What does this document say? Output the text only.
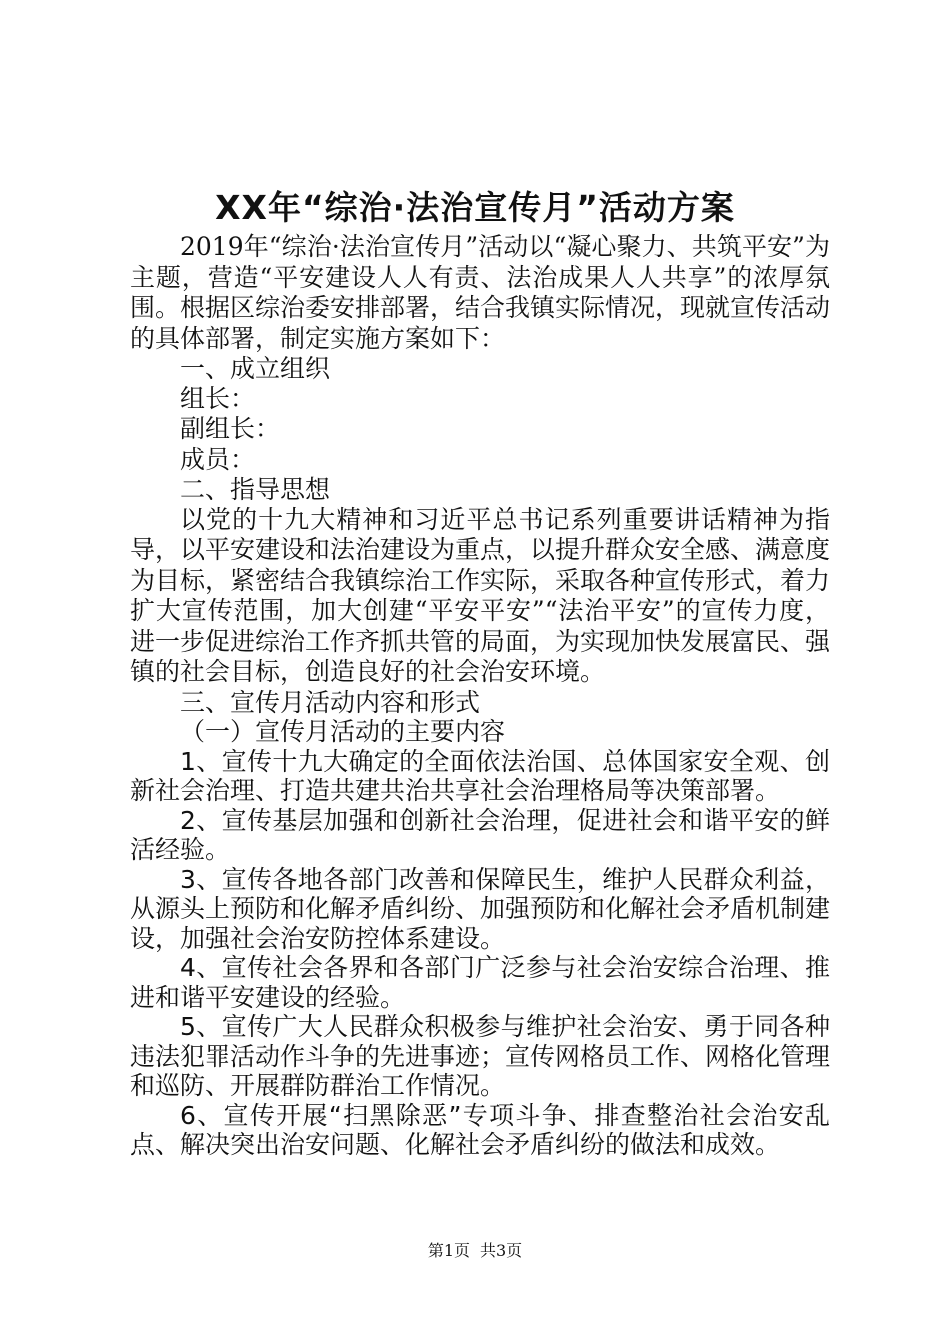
XX年“综治·法治宣传月”活动方案

2019年“综治·法治宣传月”活动以“凝心聚力、共筑平安”为主题，营造“平安建设人人有责、法治成果人人共享”的浓厚氛围。根据区综治委安排部署，结合我镇实际情况，现就宣传活动的具体部署，制定实施方案如下：

一、成立组织

组长：

副组长：

成员：

二、指导思想

以党的十九大精神和习近平总书记系列重要讲话精神为指导，以平安建设和法治建设为重点，以提升群众安全感、满意度为目标，紧密结合我镇综治工作实际，采取各种宣传形式，着力扩大宣传范围，加大创建“平安平安”“法治平安”的宣传力度，进一步促进综治工作齐抓共管的局面，为实现加快发展富民、强镇的社会目标，创造良好的社会治安环境。

三、宣传月活动内容和形式

（一）宣传月活动的主要内容

1、宣传十九大确定的全面依法治国、总体国家安全观、创新社会治理、打造共建共治共享社会治理格局等决策部署。

2、宣传基层加强和创新社会治理，促进社会和谐平安的鲜活经验。

3、宣传各地各部门改善和保障民生，维护人民群众利益，从源头上预防和化解矛盾纠纷、加强预防和化解社会矛盾机制建设，加强社会治安防控体系建设。

4、宣传社会各界和各部门广泛参与社会治安综合治理、推进和谐平安建设的经验。

5、宣传广大人民群众积极参与维护社会治安、勇于同各种违法犯罪活动作斗争的先进事迹；宣传网格员工作、网格化管理和巡防、开展群防群治工作情况。

6、宣传开展“扫黑除恶”专项斗争、排查整治社会治安乱点、解决突出治安问题、化解社会矛盾纠纷的做法和成效。

第1页 共3页
